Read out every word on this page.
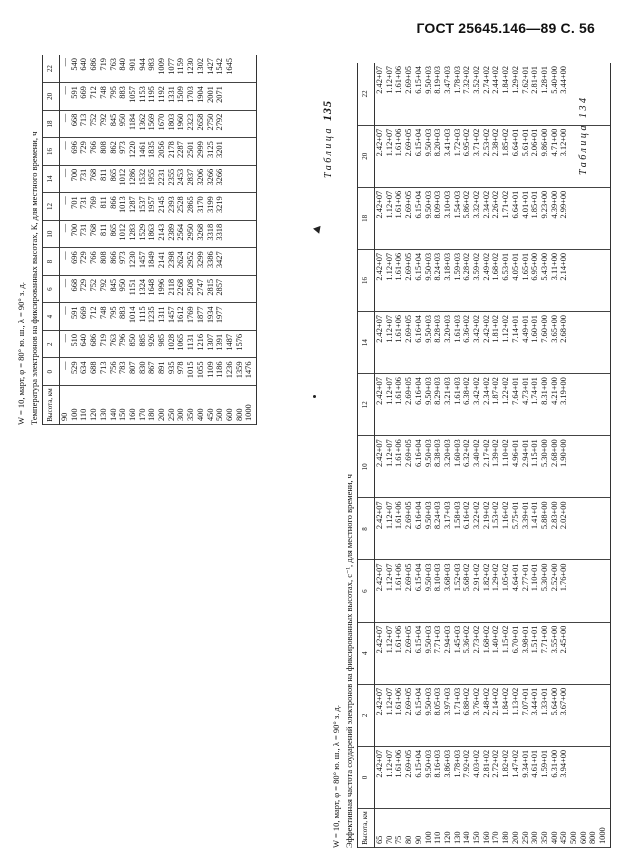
ГОСТ 25645.146—89 С. 56
Таблица 134
W = 10, март, φ = 80° ю. ш., λ = 90° з. д. Температура электронов на фиксированных высотах, К, для местного времени, ч Высота, км	0	2	4	6	8	10	12	14	16	18	20	22
90	—	—	—	—	—	—	—	—	—	—	—	—
100	529	510	591	668	696	700	701	700	696	668	591	540
110	634	640	669	729	729	731	731	731	729	713	669	640
120	688	686	712	752	766	768	769	768	766	752	712	686
130	713	719	748	792	808	811	811	811	808	792	748	719
140	756	763	795	845	866	865	866	865	862	845	795	763
150	783	796	883	950	973	1012	1013	1012	973	950	883	840
160	807	850	1014	1151	1230	1283	1287	1286	1220	1184	1057	901
170	830	885	1115	1324	1457	1529	1537	1532	1461	1362	1153	944
180	867	926	1235	1648	1849	1863	1957	1955	1835	1569	1195	983
200	891	985	1311	1996	2141	2143	2145	2231	2056	1670	1192	1009
250	935	1028	1457	2118	2398	2389	2393	2355	2178	1803	1331	1077
300	978	1065	1612	2268	2624	2564	2528	2453	2287	1960	1509	1159
350	1015	1131	1769	2508	2952	2950	2865	2837	2501	2323	1703	1230
400	1055	1216	1877	2747	3299	3268	3170	3206	2999	2658	1904	1302
450	1109	1307	1934	2815	3386	3318	3199	3266	3125	2750	2001	1427
500	1186	1391	1977	2857	3427	3318	3219	3266	3201	2792	2071	1542
600	1236	1487										1645
800	1359	1576										
1000	1476											
Таблица 135
W = 10, март, φ = 80° ю. ш., λ = 90° з. д. Эффективная частота соударений электронов на фиксированных высотах, с⁻¹, для местного времени, ч Высота, км	0	2	4	6	8	10	12	14	16	18	20	22
65	2.42+07	2.42+07	2.42+07	2.42+07	2.42+07	2.42+07	2.42+07	2.42+07	2.42+07	2.42+07	2.42+07	2.42+07
70	1.12+07	1.12+07	1.12+07	1.12+07	1.12+07	1.12+07	1.12+07	1.12+07	1.12+07	1.12+07	1.12+07	1.12+07
75	1.61+06	1.61+06	1.61+06	1.61+06	1.61+06	1.61+06	1.61+06	1.61+06	1.61+06	1.61+06	1.61+06	1.61+06
80	2.69+05	2.69+05	2.69+05	2.69+05	2.69+05	2.69+05	2.69+05	2.69+05	2.69+05	2.69+05	2.69+05	2.69+05
90	6.15+04	6.15+04	6.15+04	6.15+04	6.16+04	6.16+04	6.16+04	6.16+04	6.15+04	6.15+04	6.15+04	6.15+04
100	9.50+03	9.50+03	9.50+03	9.50+03	9.50+03	9.50+03	9.50+03	9.50+03	9.50+03	9.50+03	9.50+03	9.50+03
110	8.16+03	8.05+03	7.71+03	8.10+03	8.24+03	8.38+03	8.29+03	8.28+03	8.24+03	8.09+03	8.20+03	8.19+03
120	3.86+03	3.97+03	2.94+03	3.68+03	3.17+03	3.20+03	3.21+03	3.20+03	3.18+03	3.10+03	3.41+03	3.47+03
130	1.78+03	1.71+03	1.45+03	1.52+03	1.58+03	1.60+03	1.61+03	1.61+03	1.59+03	1.54+03	1.72+03	1.78+03
140	7.92+02	6.88+02	5.36+02	5.68+02	6.16+02	6.32+02	6.38+02	6.36+02	6.28+02	5.86+02	6.95+02	7.32+02
150	4.03+02	3.76+02	2.73+02	2.91+02	3.22+02	3.40+02	3.42+02	3.42+02	3.59+02	3.32+02	3.71+02	3.52+02
160	2.81+02	2.48+02	1.68+02	1.82+02	2.19+02	2.17+02	2.34+02	2.42+02	2.49+02	2.34+02	2.53+02	2.74+02
170	2.72+02	2.14+02	1.40+02	1.29+02	1.53+02	1.39+02	1.87+02	1.81+02	1.68+02	2.26+02	2.38+02	2.44+02
180	1.82+02	1.84+02	1.15+02	1.05+02	1.16+02	1.10+02	1.22+02	1.12+02	6.53+01	1.71+02	1.85+02	1.84+02
200	1.47+02	1.13+02	6.70+01	4.64+01	5.75+01	4.96+01	7.64+01	7.14+01	4.05+01	6.64+01	6.64+01	1.29+02
250	9.34+01	7.07+01	3.98+01	2.77+01	3.39+01	2.94+01	4.73+01	4.49+01	1.65+01	4.01+01	5.61+01	7.62+01
300	4.61+01	3.44+01	1.51+01	1.10+01	1.41+01	1.15+01	1.74+01	1.60+01	6.95+00	1.85+01	2.06+01	2.81+01
350	1.59+01	1.33+01	7.71+00	5.30+00	5.88+00	5.30+00	8.31+00	7.60+00	5.43+00	9.23+00	9.86+00	1.28+01
400	6.31+00	5.64+00	3.55+00	2.52+00	2.83+00	2.68+00	4.21+00	3.65+00	3.11+00	4.39+00	4.71+00	5.40+00
450	3.94+00	3.67+00	2.45+00	1.76+00	2.02+00	1.90+00	3.19+00	2.68+00	2.14+00	2.99+00	3.12+00	3.44+00
500												
600												
800												
1000												
